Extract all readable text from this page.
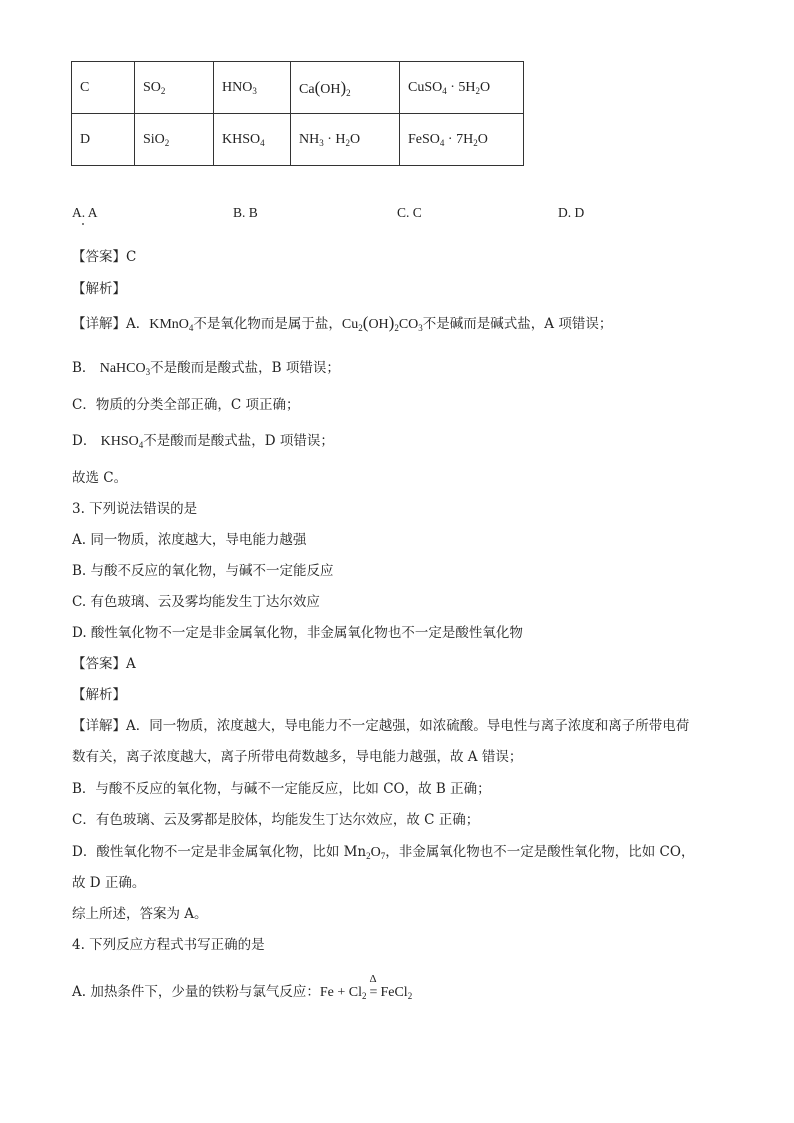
C	$SO_2$	$HNO_3$	$Ca(OH)_2$	CuSO$_4$ · $5H_2O$
D	SiO$_2$	$KHSO_4$	$NH_3 \cdot H_2O$	FeSO$_4$ · $7H_2O$
A. A	B. B	C. C	D. D
【答案】C
【解析】
【详解】A．KMnO$_4$不是氧化物而是属于盐，$Cu_2(OH)_2CO_3$不是碱而是碱式盐，A 项错误；
B． NaHCO$_3$不是酸而是酸式盐，B 项错误；
C．物质的分类全部正确，C 项正确；
D． $KHSO_4$不是酸而是酸式盐，D 项错误；
故选 C。
3. 下列说法错误的是
A. 同一物质，浓度越大，导电能力越强
B. 与酸不反应的氧化物，与碱不一定能反应
C. 有色玻璃、云及雾均能发生丁达尔效应
D. 酸性氧化物不一定是非金属氧化物，非金属氧化物也不一定是酸性氧化物
【答案】A
【解析】
【详解】A．同一物质，浓度越大，导电能力不一定越强，如浓硫酸。导电性与离子浓度和离子所带电荷
数有关，离子浓度越大，离子所带电荷数越多，导电能力越强，故 A 错误；
B．与酸不反应的氧化物，与碱不一定能反应，比如 CO，故 B 正确；
C．有色玻璃、云及雾都是胶体，均能发生丁达尔效应，故 C 正确；
D．酸性氧化物不一定是非金属氧化物，比如 $Mn_2O_7$，非金属氧化物也不一定是酸性氧化物，比如 CO，
故 D 正确。
综上所述，答案为 A。
4. 下列反应方程式书写正确的是
A. 加热条件下，少量的铁粉与氯气反应：$Fe + Cl_2$
Δ
= FeCl$_2$
